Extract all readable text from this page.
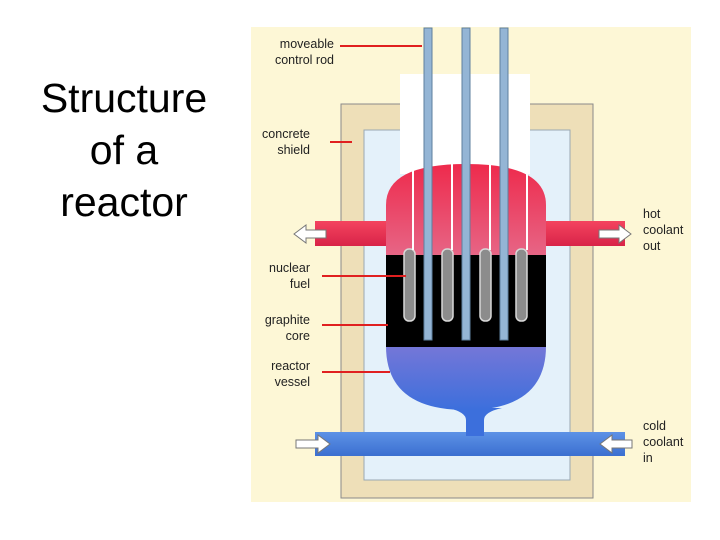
Structure
of a
reactor
moveable
control rod
concrete
shield
nuclear
fuel
graphite
core
reactor
vessel
hot
coolant
out
cold
coolant
in
